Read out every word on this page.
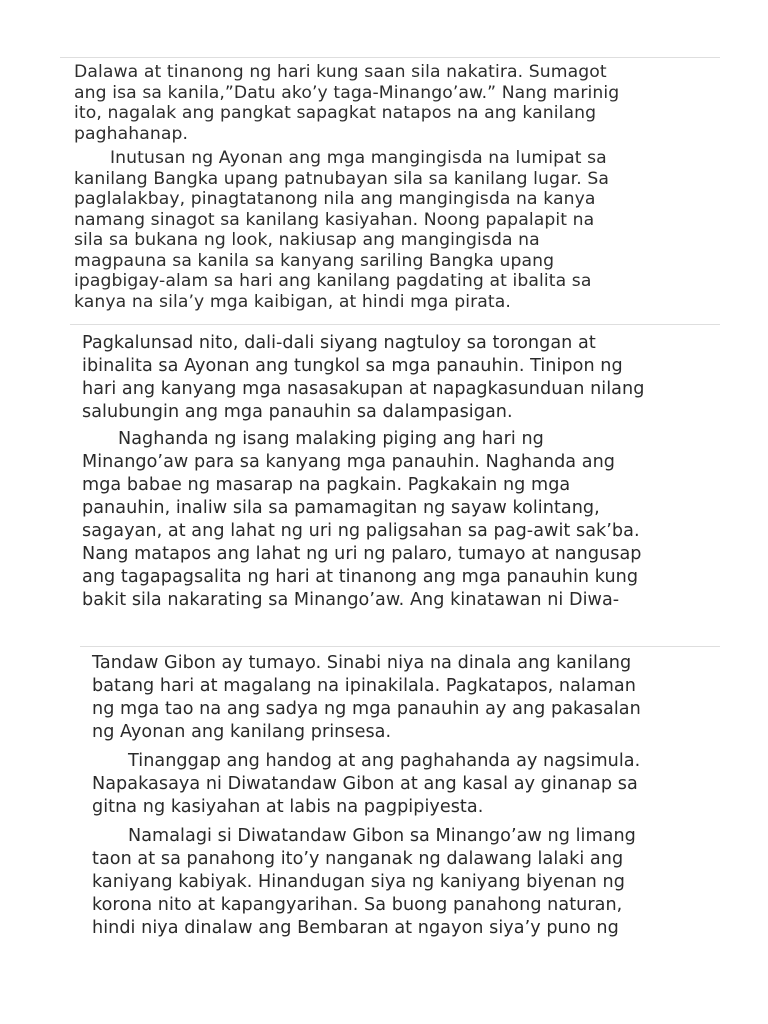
Dalawa at tinanong ng hari kung saan sila nakatira. Sumagot
ang isa sa kanila,”Datu ako’y taga-Minango’aw.” Nang marinig
ito, nagalak ang pangkat sapagkat natapos na ang kanilang
paghahanap.
Inutusan ng Ayonan ang mga mangingisda na lumipat sa
kanilang Bangka upang patnubayan sila sa kanilang lugar. Sa
paglalakbay, pinagtatanong nila ang mangingisda na kanya
namang sinagot sa kanilang kasiyahan. Noong papalapit na
sila sa bukana ng look, nakiusap ang mangingisda na
magpauna sa kanila sa kanyang sariling Bangka upang
ipagbigay-alam sa hari ang kanilang pagdating at ibalita sa
kanya na sila’y mga kaibigan, at hindi mga pirata.
Pagkalunsad nito, dali-dali siyang nagtuloy sa torongan at
ibinalita sa Ayonan ang tungkol sa mga panauhin. Tinipon ng
hari ang kanyang mga nasasakupan at napagkasunduan nilang
salubungin ang mga panauhin sa dalampasigan.
Naghanda ng isang malaking piging ang hari ng
Minango’aw para sa kanyang mga panauhin. Naghanda ang
mga babae ng masarap na pagkain. Pagkakain ng mga
panauhin, inaliw sila sa pamamagitan ng sayaw kolintang,
sagayan, at ang lahat ng uri ng paligsahan sa pag-awit sak’ba.
Nang matapos ang lahat ng uri ng palaro, tumayo at nangusap
ang tagapagsalita ng hari at tinanong ang mga panauhin kung
bakit sila nakarating sa Minango’aw. Ang kinatawan ni Diwa-
Tandaw Gibon ay tumayo. Sinabi niya na dinala ang kanilang
batang hari at magalang na ipinakilala. Pagkatapos, nalaman
ng mga tao na ang sadya ng mga panauhin ay ang pakasalan
ng Ayonan ang kanilang prinsesa.
Tinanggap ang handog at ang paghahanda ay nagsimula.
Napakasaya ni Diwatandaw Gibon at ang kasal ay ginanap sa
gitna ng kasiyahan at labis na pagpipiyesta.
Namalagi si Diwatandaw Gibon sa Minango’aw ng limang
taon at sa panahong ito’y nanganak ng dalawang lalaki ang
kaniyang kabiyak. Hinandugan siya ng kaniyang biyenan ng
korona nito at kapangyarihan. Sa buong panahong naturan,
hindi niya dinalaw ang Bembaran at ngayon siya’y puno ng
